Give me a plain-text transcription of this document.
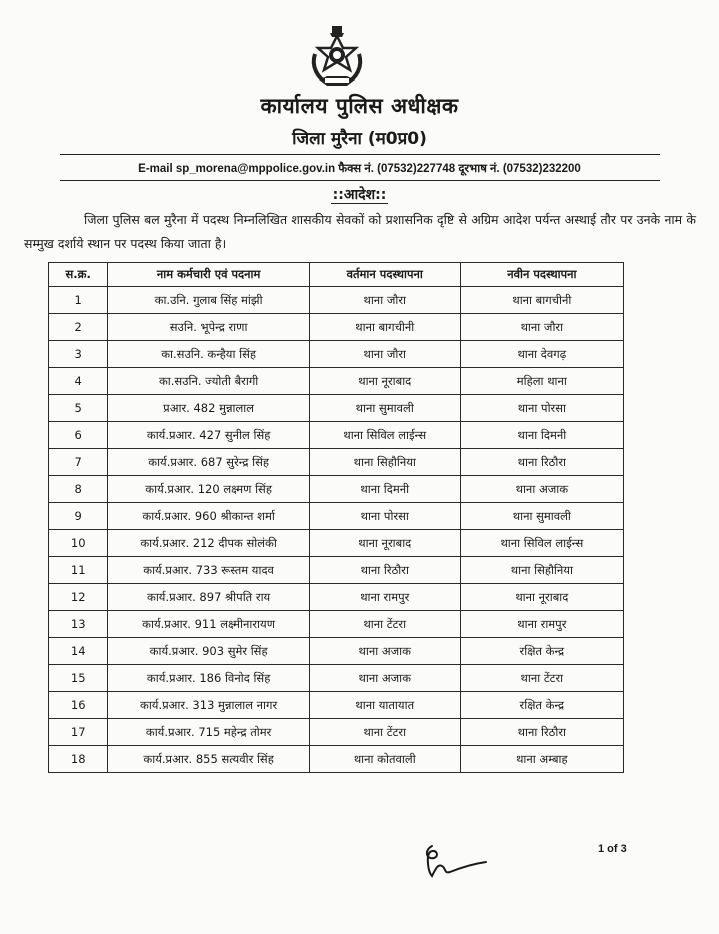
कार्यालय पुलिस अधीक्षक
जिला मुरैना (म0प्र0)
E-mail sp_morena@mppolice.gov.in फैक्स नं. (07532)227748 दूरभाष नं. (07532)232200
::आदेश::
जिला पुलिस बल मुरैना में पदस्थ निम्नलिखित शासकीय सेवकों को प्रशासनिक दृष्टि से अग्रिम आदेश पर्यन्त अस्थाई तौर पर उनके नाम के सम्मुख दर्शाये स्थान पर पदस्थ किया जाता है।
स.क्र.	नाम कर्मचारी एवं पदनाम	वर्तमान पदस्थापना	नवीन पदस्थापना
1	का.उनि. गुलाब सिंह मांझी	थाना जौरा	थाना बागचीनी
2	सउनि. भूपेन्द्र राणा	थाना बागचीनी	थाना जौरा
3	का.सउनि. कन्हैया सिंह	थाना जौरा	थाना देवगढ़
4	का.सउनि. ज्योती बैरागी	थाना नूराबाद	महिला थाना
5	प्रआर. 482 मुन्नालाल	थाना सुमावली	थाना पोरसा
6	कार्य.प्रआर. 427 सुनील सिंह	थाना सिविल लाईन्स	थाना दिमनी
7	कार्य.प्रआर. 687 सुरेन्द्र सिंह	थाना सिहौनिया	थाना रिठौरा
8	कार्य.प्रआर. 120 लक्ष्मण सिंह	थाना दिमनी	थाना अजाक
9	कार्य.प्रआर. 960 श्रीकान्त शर्मा	थाना पोरसा	थाना सुमावली
10	कार्य.प्रआर. 212 दीपक सोलंकी	थाना नूराबाद	थाना सिविल लाईन्स
11	कार्य.प्रआर. 733 रूस्तम यादव	थाना रिठौरा	थाना सिहौनिया
12	कार्य.प्रआर. 897 श्रीपति राय	थाना रामपुर	थाना नूराबाद
13	कार्य.प्रआर. 911 लक्ष्मीनारायण	थाना टेंटरा	थाना रामपुर
14	कार्य.प्रआर. 903 सुमेर सिंह	थाना अजाक	रक्षित केन्द्र
15	कार्य.प्रआर. 186 विनोद सिंह	थाना अजाक	थाना टेंटरा
16	कार्य.प्रआर. 313 मुन्नालाल नागर	थाना यातायात	रक्षित केन्द्र
17	कार्य.प्रआर. 715 महेन्द्र तोमर	थाना टेंटरा	थाना रिठौरा
18	कार्य.प्रआर. 855 सत्यवीर सिंह	थाना कोतवाली	थाना अम्बाह
1 of 3
